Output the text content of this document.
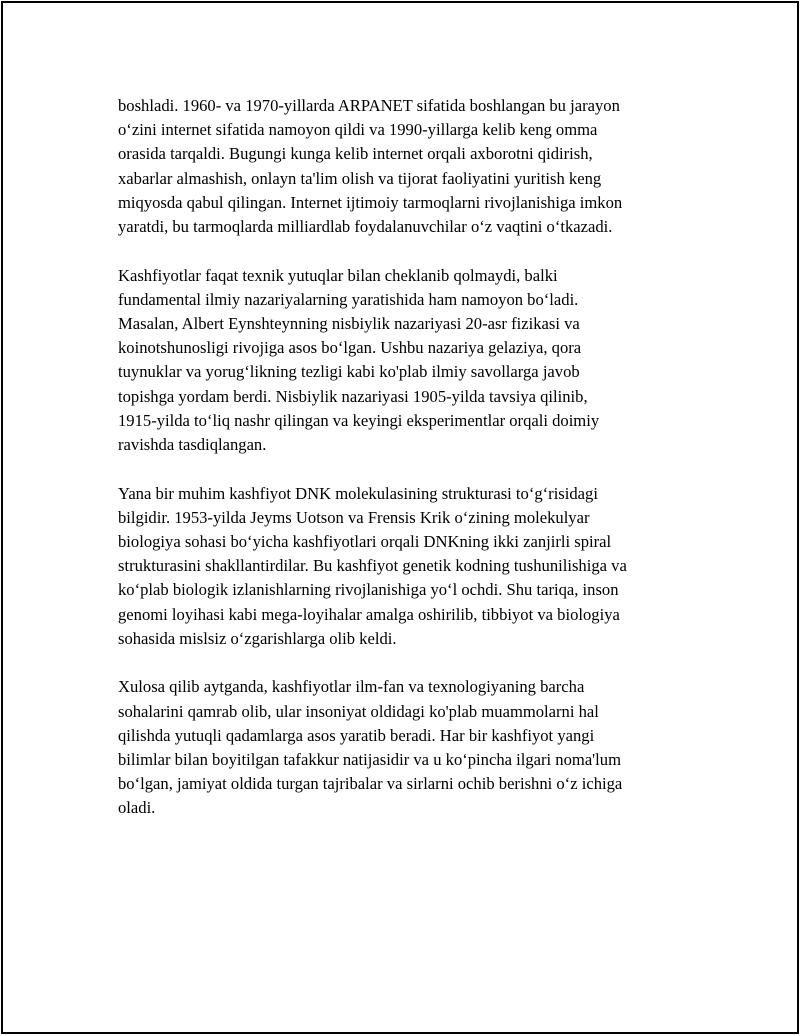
boshladi. 1960- va 1970-yillarda ARPANET sifatida boshlangan bu jarayon
o‘zini internet sifatida namoyon qildi va 1990-yillarga kelib keng omma
orasida tarqaldi. Bugungi kunga kelib internet orqali axborotni qidirish,
xabarlar almashish, onlayn ta'lim olish va tijorat faoliyatini yuritish keng
miqyosda qabul qilingan. Internet ijtimoiy tarmoqlarni rivojlanishiga imkon
yaratdi, bu tarmoqlarda milliardlab foydalanuvchilar o‘z vaqtini o‘tkazadi.

Kashfiyotlar faqat texnik yutuqlar bilan cheklanib qolmaydi, balki
fundamental ilmiy nazariyalarning yaratishida ham namoyon bo‘ladi.
Masalan, Albert Eynshteynning nisbiylik nazariyasi 20-asr fizikasi va
koinotshunosligi rivojiga asos bo‘lgan. Ushbu nazariya gelaziya, qora
tuynuklar va yorug‘likning tezligi kabi ko'plab ilmiy savollarga javob
topishga yordam berdi. Nisbiylik nazariyasi 1905-yilda tavsiya qilinib,
1915-yilda to‘liq nashr qilingan va keyingi eksperimentlar orqali doimiy
ravishda tasdiqlangan.

Yana bir muhim kashfiyot DNK molekulasining strukturasi to‘g‘risidagi
bilgidir. 1953-yilda Jeyms Uotson va Frensis Krik o‘zining molekulyar
biologiya sohasi bo‘yicha kashfiyotlari orqali DNKning ikki zanjirli spiral
strukturasini shakllantirdilar. Bu kashfiyot genetik kodning tushunilishiga va
ko‘plab biologik izlanishlarning rivojlanishiga yo‘l ochdi. Shu tariqa, inson
genomi loyihasi kabi mega-loyihalar amalga oshirilib, tibbiyot va biologiya
sohasida mislsiz o‘zgarishlarga olib keldi.

Xulosa qilib aytganda, kashfiyotlar ilm-fan va texnologiyaning barcha
sohalarini qamrab olib, ular insoniyat oldidagi ko'plab muammolarni hal
qilishda yutuqli qadamlarga asos yaratib beradi. Har bir kashfiyot yangi
bilimlar bilan boyitilgan tafakkur natijasidir va u ko‘pincha ilgari noma'lum
bo‘lgan, jamiyat oldida turgan tajribalar va sirlarni ochib berishni o‘z ichiga
oladi.
